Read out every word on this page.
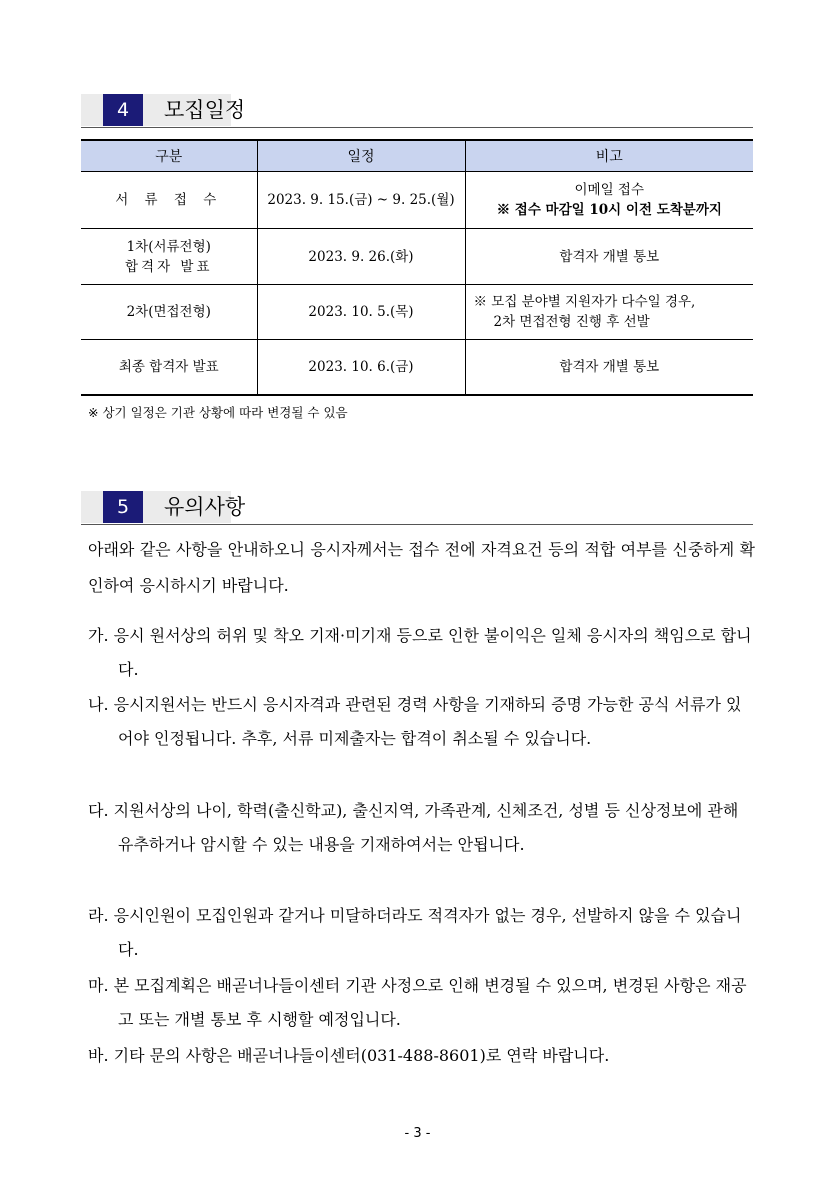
4	모집일정
구분	일정	비고
서 류 접 수	2023. 9. 15.(금) ~ 9. 25.(월)	이메일 접수
※ 접수 마감일 10시 이전 도착분까지

1차(서류전형)
합격자 발표	2023. 9. 26.(화)	합격자 개별 통보
2차(면접전형)	2023. 10. 5.(목)	※ 모집 분야별 지원자가 다수일 경우,
2차 면접전형 진행 후 선발

최종 합격자 발표	2023. 10. 6.(금)	합격자 개별 통보
※ 상기 일정은 기관 상황에 따라 변경될 수 있음
5	유의사항
아래와 같은 사항을 안내하오니 응시자께서는 접수 전에 자격요건 등의 적합 여부를 신중하게 확인하여 응시하시기 바랍니다.
가. 응시 원서상의 허위 및 착오 기재·미기재 등으로 인한 불이익은 일체 응시자의 책임으로 합니다.
나. 응시지원서는 반드시 응시자격과 관련된 경력 사항을 기재하되 증명 가능한 공식 서류가 있어야 인정됩니다. 추후, 서류 미제출자는 합격이 취소될 수 있습니다.
다. 지원서상의 나이, 학력(출신학교), 출신지역, 가족관계, 신체조건, 성별 등 신상정보에 관해 유추하거나 암시할 수 있는 내용을 기재하여서는 안됩니다.
라. 응시인원이 모집인원과 같거나 미달하더라도 적격자가 없는 경우, 선발하지 않을 수 있습니다.
마. 본 모집계획은 배곧너나들이센터 기관 사정으로 인해 변경될 수 있으며, 변경된 사항은 재공고 또는 개별 통보 후 시행할 예정입니다.
바. 기타 문의 사항은 배곧너나들이센터(031-488-8601)로 연락 바랍니다.
- 3 -
